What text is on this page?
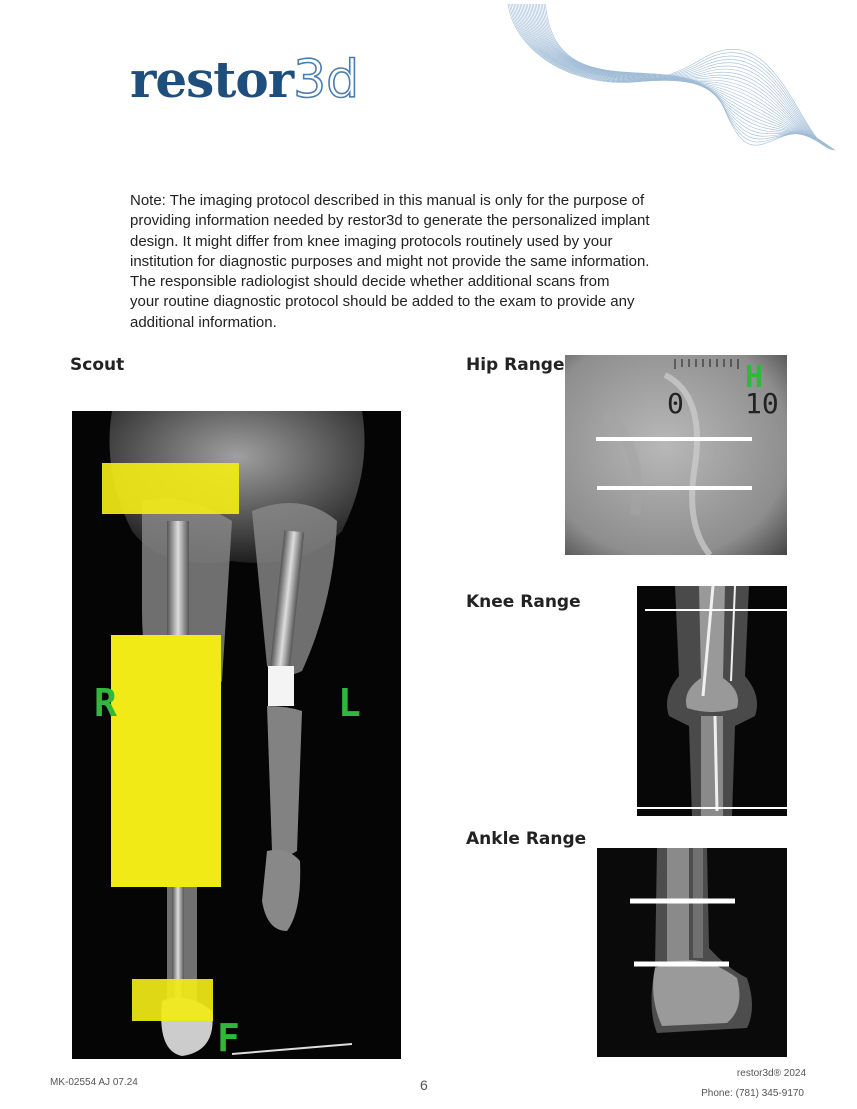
restor3d
Note: The imaging protocol described in this manual is only for the purpose of
providing information needed by restor3d to generate the personalized implant
design. It might differ from knee imaging protocols routinely used by your
institution for diagnostic purposes and might not provide the same information.
The responsible radiologist should decide whether additional scans from
your routine diagnostic protocol should be added to the exam to provide any
additional information.
Scout	Hip Range
Knee Range
Ankle Range
R	L
F
0 10
H
MK-02554 AJ 07.24	6
restor3d® 2024
Phone: (781) 345-9170
